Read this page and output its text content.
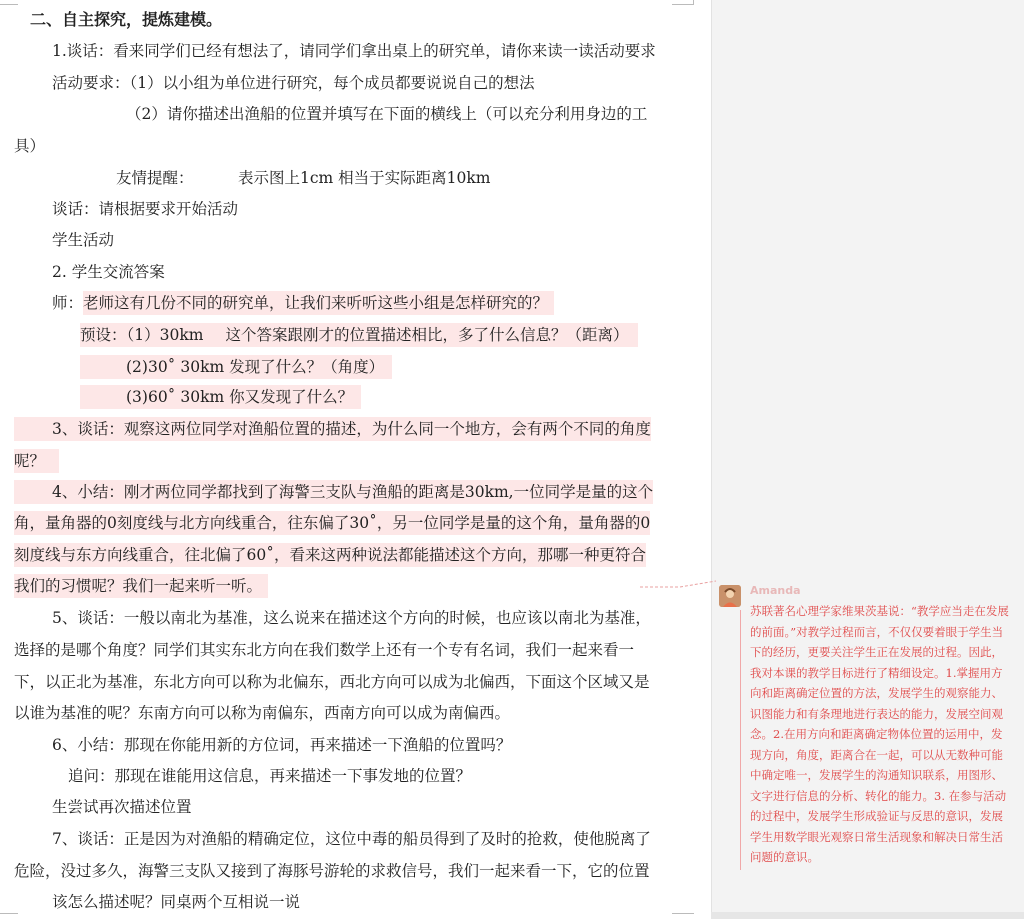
二、自主探究，提炼建模。
1.谈话：看来同学们已经有想法了，请同学们拿出桌上的研究单，请你来读一读活动要求
活动要求：（1）以小组为单位进行研究，每个成员都要说说自己的想法
（2）请你描述出渔船的位置并填写在下面的横线上（可以充分利用身边的工
具）
友情提醒：	表示图上1cm 相当于实际距离10km
谈话：请根据要求开始活动
学生活动
2. 学生交流答案
师：老师这有几份不同的研究单，让我们来听听这些小组是怎样研究的？
预设：（1）30km 这个答案跟刚才的位置描述相比，多了什么信息？（距离）
(2)30˚ 30km 发现了什么？（角度）
(3)60˚ 30km 你又发现了什么？
3、谈话：观察这两位同学对渔船位置的描述，为什么同一个地方，会有两个不同的角度
呢？
4、小结：刚才两位同学都找到了海警三支队与渔船的距离是30km,一位同学是量的这个
角，量角器的0刻度线与北方向线重合，往东偏了30˚，另一位同学是量的这个角，量角器的0
刻度线与东方向线重合，往北偏了60˚，看来这两种说法都能描述这个方向，那哪一种更符合
我们的习惯呢？我们一起来听一听。
5、谈话：一般以南北为基准，这么说来在描述这个方向的时候，也应该以南北为基准，
选择的是哪个角度？同学们其实东北方向在我们数学上还有一个专有名词，我们一起来看一
下，以正北为基准，东北方向可以称为北偏东，西北方向可以成为北偏西，下面这个区域又是
以谁为基准的呢？东南方向可以称为南偏东，西南方向可以成为南偏西。
6、小结：那现在你能用新的方位词，再来描述一下渔船的位置吗？
追问：那现在谁能用这信息，再来描述一下事发地的位置？
生尝试再次描述位置
7、谈话：正是因为对渔船的精确定位，这位中毒的船员得到了及时的抢救，使他脱离了
危险，没过多久，海警三支队又接到了海豚号游轮的求救信号，我们一起来看一下，它的位置
该怎么描述呢？同桌两个互相说一说
Amanda
苏联著名心理学家维果茨基说：“教学应当走在发展的前面。”对教学过程而言，不仅仅要着眼于学生当下的经历，更要关注学生正在发展的过程。因此，我对本课的教学目标进行了精细设定。1.掌握用方向和距离确定位置的方法，发展学生的观察能力、识图能力和有条理地进行表达的能力，发展空间观念。2.在用方向和距离确定物体位置的运用中，发现方向，角度，距离合在一起，可以从无数种可能中确定唯一，发展学生的沟通知识联系，用图形、文字进行信息的分析、转化的能力。3. 在参与活动的过程中，发展学生形成验证与反思的意识，发展学生用数学眼光观察日常生活现象和解决日常生活问题的意识。
